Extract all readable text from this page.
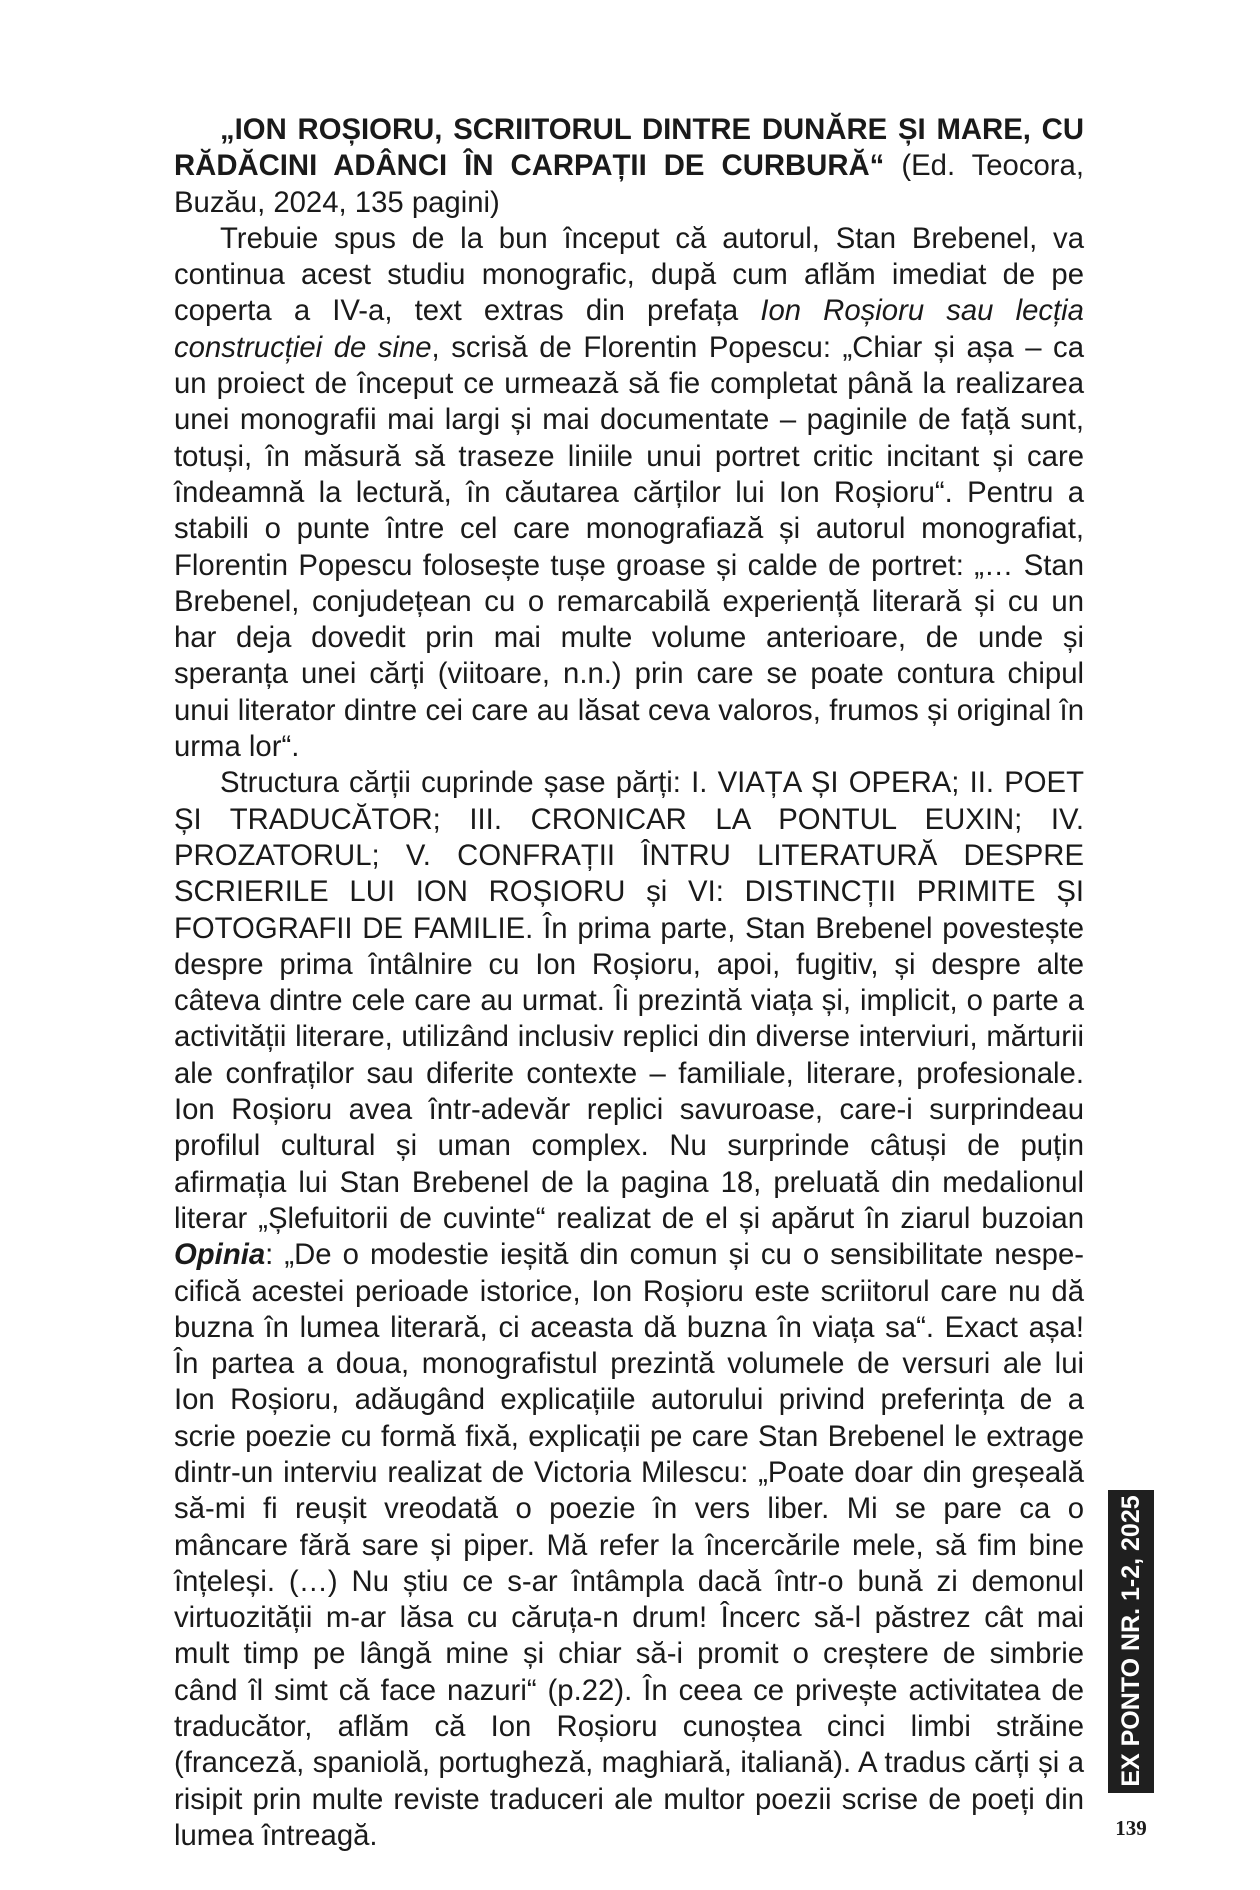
„ION ROȘIORU, SCRIITORUL DINTRE DUNĂRE ȘI MARE, CU RĂDĂCINI ADÂNCI ÎN CARPAȚII DE CURBURĂ“ (Ed. Teocora, Buzău, 2024, 135 pagini)

Trebuie spus de la bun început că autorul, Stan Brebenel, va continua acest studiu monografic, după cum aflăm imediat de pe coperta a IV-a, text extras din prefața Ion Roșioru sau lecția construcției de sine, scrisă de Florentin Popescu: „Chiar și așa – ca un proiect de început ce urmează să fie completat până la realizarea unei monografii mai largi și mai documentate – paginile de față sunt, totuși, în măsură să traseze liniile unui portret critic incitant și care îndeamnă la lectură, în căutarea cărților lui Ion Roșioru“. Pentru a stabili o punte între cel care monografiază și autorul monografiat, Florentin Popescu folosește tușe groase și calde de portret: „… Stan Brebenel, conjudețean cu o remarcabilă experiență literară și cu un har deja dovedit prin mai multe volume anterioare, de unde și speranța unei cărți (viitoare, n.n.) prin care se poate contura chipul unui literator dintre cei care au lăsat ceva valoros, frumos și original în urma lor“.

Structura cărții cuprinde șase părți: I. VIAȚA ȘI OPERA; II. POET ȘI TRADUCĂTOR; III. CRONICAR LA PONTUL EUXIN; IV. PROZATORUL; V. CONFRAȚII ÎNTRU LITERATURĂ DESPRE SCRIERILE LUI ION ROȘIORU și VI: DISTINCȚII PRIMITE ȘI FOTOGRAFII DE FAMILIE. În prima parte, Stan Brebenel povestește despre prima întâlnire cu Ion Roșioru, apoi, fugitiv, și despre alte câteva dintre cele care au urmat. Îi prezintă viața și, implicit, o parte a activității literare, utilizând inclusiv replici din diverse interviuri, mărturii ale confraților sau diferite contexte – familiale, literare, profesionale. Ion Roșioru avea într-adevăr replici savuroase, care-i surprindeau profilul cultural și uman complex. Nu surprinde câtuși de puțin afirmația lui Stan Brebenel de la pagina 18, preluată din medalionul literar „Șlefuitorii de cuvinte“ realizat de el și apărut în ziarul buzoian Opinia: „De o modestie ieșită din comun și cu o sensibilitate nespe-cifică acestei perioade istorice, Ion Roșioru este scriitorul care nu dă buzna în lumea literară, ci aceasta dă buzna în viața sa“. Exact așa! În partea a doua, monografistul prezintă volumele de versuri ale lui Ion Roșioru, adăugând explicațiile autorului privind preferința de a scrie poezie cu formă fixă, explicații pe care Stan Brebenel le extrage dintr-un interviu realizat de Victoria Milescu: „Poate doar din greșeală să-mi fi reușit vreodată o poezie în vers liber. Mi se pare ca o mâncare fără sare și piper. Mă refer la încercările mele, să fim bine înțeleși. (…) Nu știu ce s-ar întâmpla dacă într-o bună zi demonul virtuozității m-ar lăsa cu căruța-n drum! Încerc să-l păstrez cât mai mult timp pe lângă mine și chiar să-i promit o creștere de simbrie când îl simt că face nazuri“ (p.22). În ceea ce privește activitatea de traducător, aflăm că Ion Roșioru cunoștea cinci limbi străine (franceză, spaniolă, portugheză, maghiară, italiană). A tradus cărți și a risipit prin multe reviste traduceri ale multor poezii scrise de poeți din lumea întreagă.

EX PONTO NR. 1-2, 2025
139
